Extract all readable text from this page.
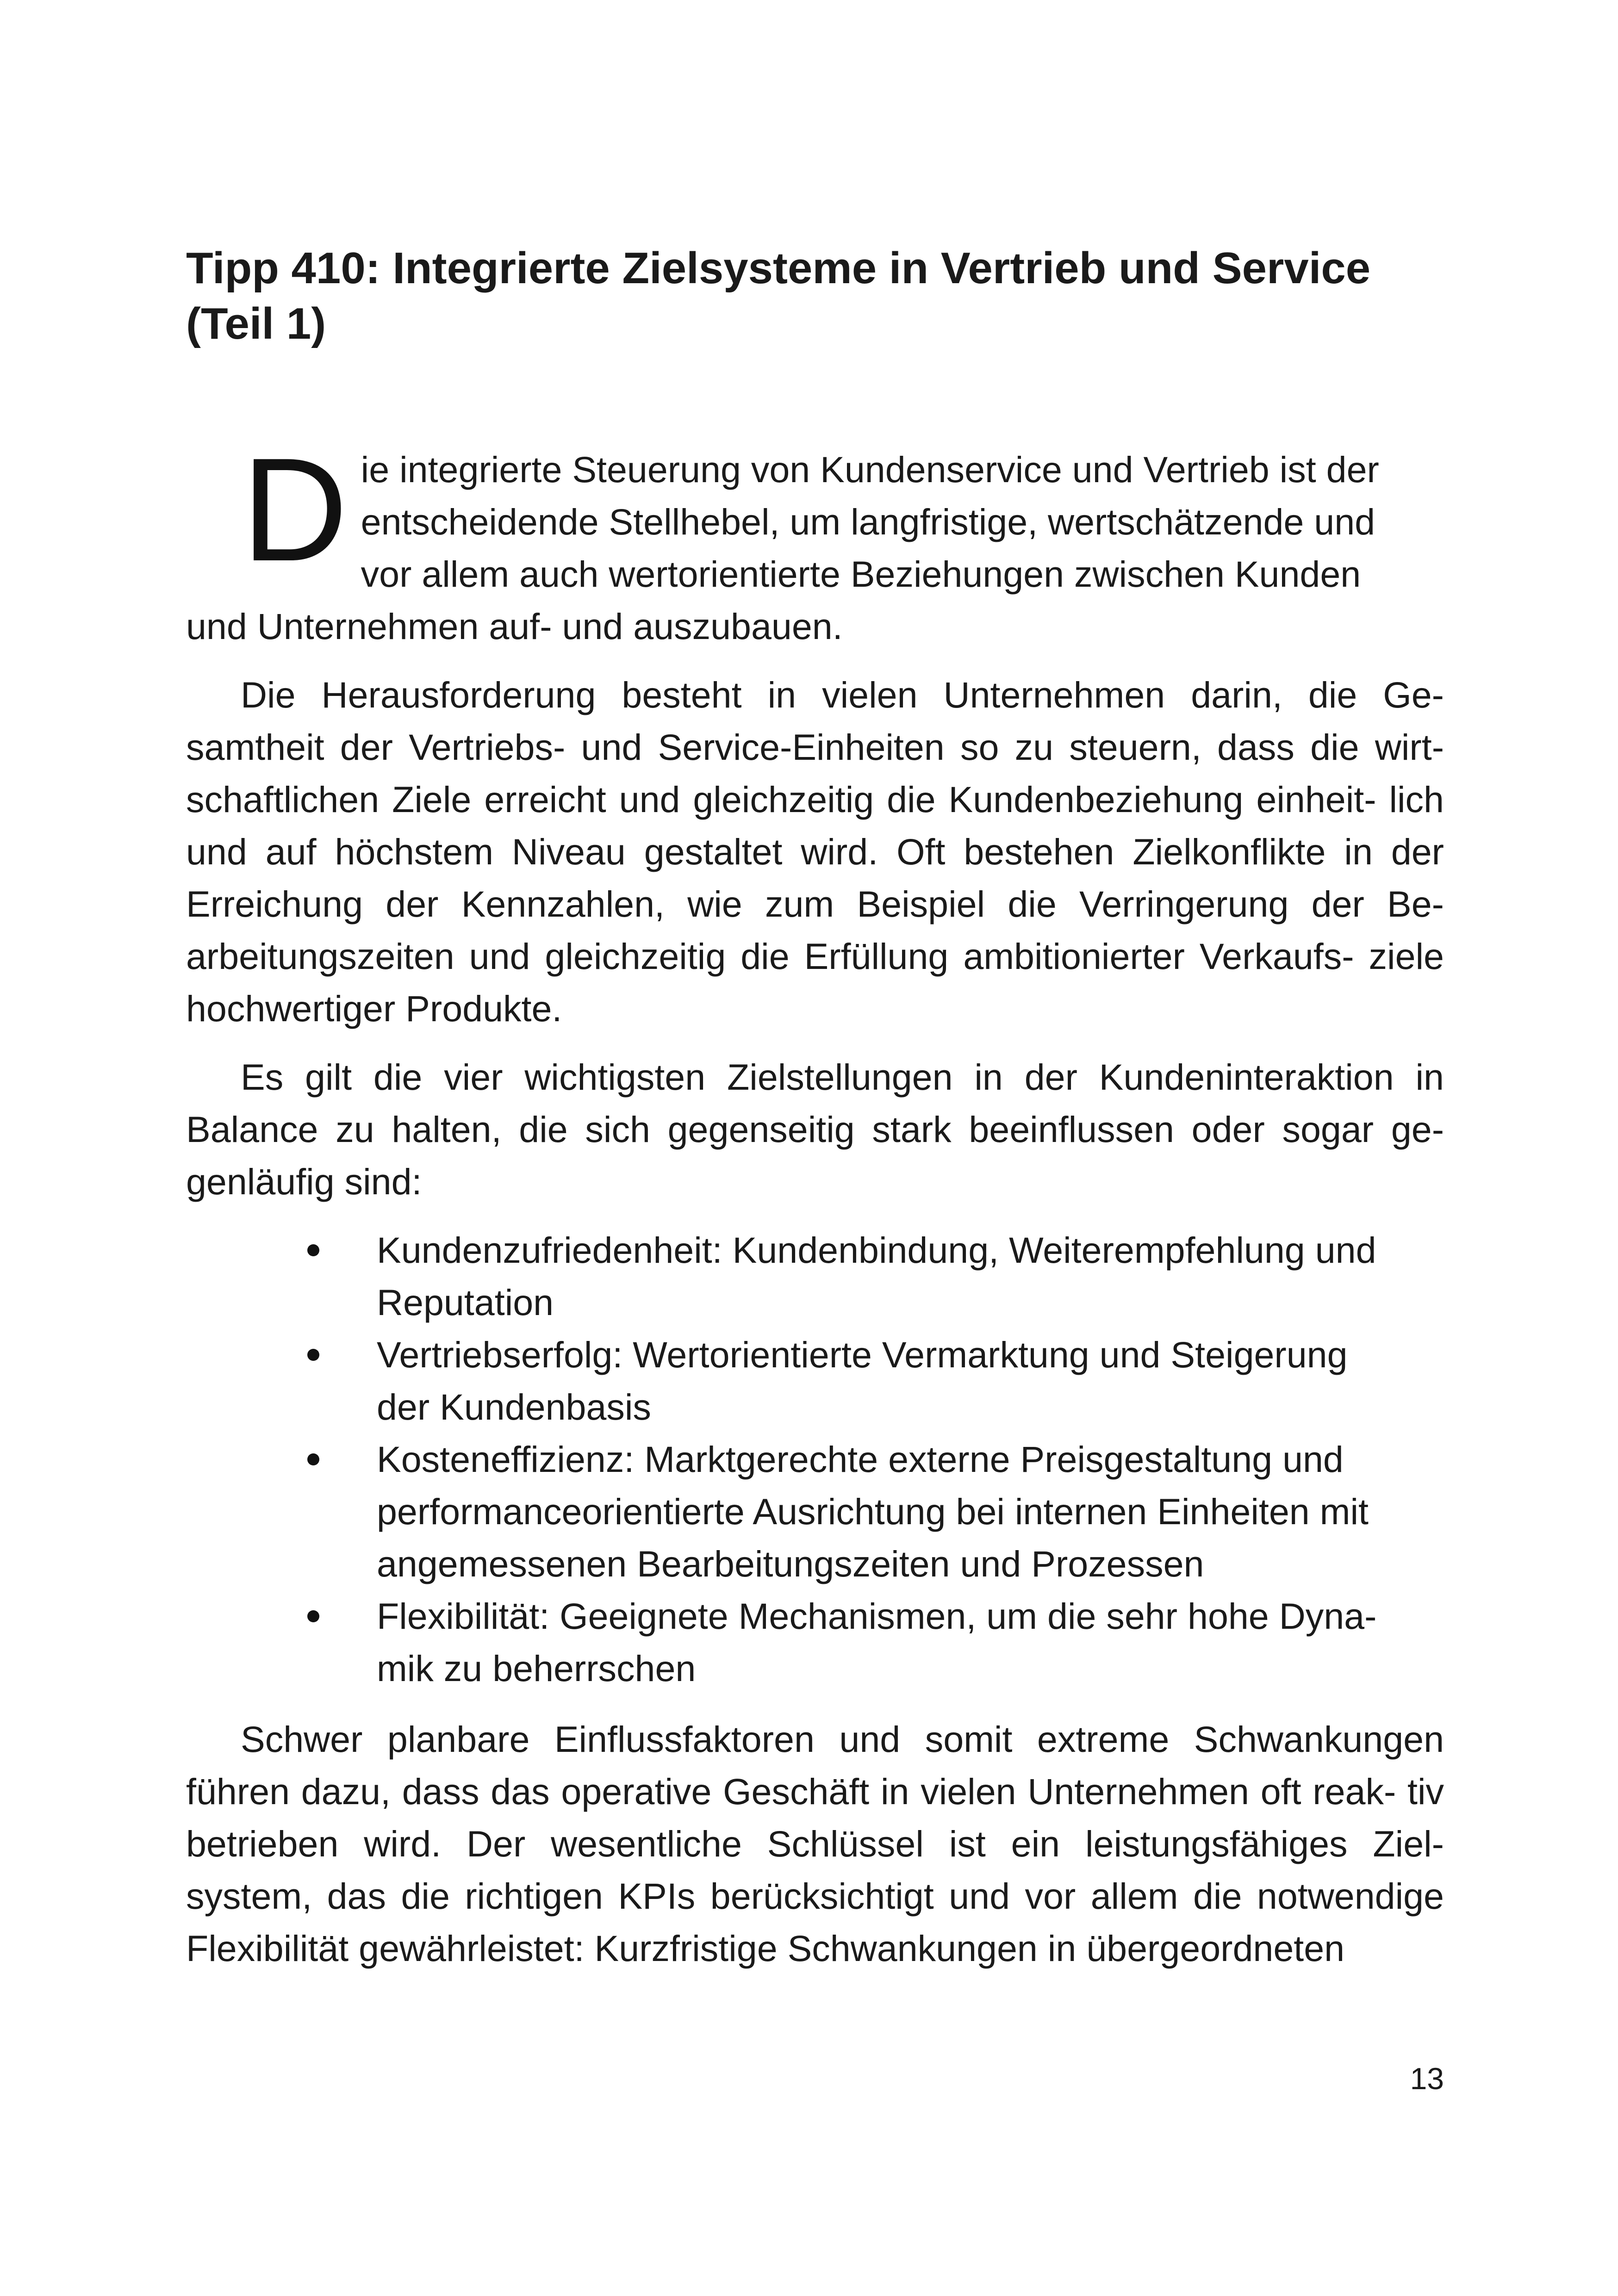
Tipp 410: Integrierte Zielsysteme in Vertrieb und Service
(Teil 1)

D ie integrierte Steuerung von Kundenservice und Vertrieb ist der
entscheidende Stellhebel, um langfristige, wertschätzende und
vor allem auch wertorientierte Beziehungen zwischen Kunden
und Unternehmen auf- und auszubauen.

Die Herausforderung besteht in vielen Unternehmen darin, die Ge- samtheit der Vertriebs- und Service-Einheiten so zu steuern, dass die wirt- schaftlichen Ziele erreicht und gleichzeitig die Kundenbeziehung einheit- lich und auf höchstem Niveau gestaltet wird. Oft bestehen Zielkonflikte in der Erreichung der Kennzahlen, wie zum Beispiel die Verringerung der Be- arbeitungszeiten und gleichzeitig die Erfüllung ambitionierter Verkaufs- ziele hochwertiger Produkte.

Es gilt die vier wichtigsten Zielstellungen in der Kundeninteraktion in Balance zu halten, die sich gegenseitig stark beeinflussen oder sogar ge- genläufig sind:

Kundenzufriedenheit: Kundenbindung, Weiterempfehlung und
Reputation
Vertriebserfolg: Wertorientierte Vermarktung und Steigerung
der Kundenbasis
Kosteneffizienz: Marktgerechte externe Preisgestaltung und
performanceorientierte Ausrichtung bei internen Einheiten mit
angemessenen Bearbeitungszeiten und Prozessen
Flexibilität: Geeignete Mechanismen, um die sehr hohe Dyna-
mik zu beherrschen

Schwer planbare Einflussfaktoren und somit extreme Schwankungen führen dazu, dass das operative Geschäft in vielen Unternehmen oft reak- tiv betrieben wird. Der wesentliche Schlüssel ist ein leistungsfähiges Ziel- system, das die richtigen KPIs berücksichtigt und vor allem die notwendige Flexibilität gewährleistet: Kurzfristige Schwankungen in übergeordneten

13
